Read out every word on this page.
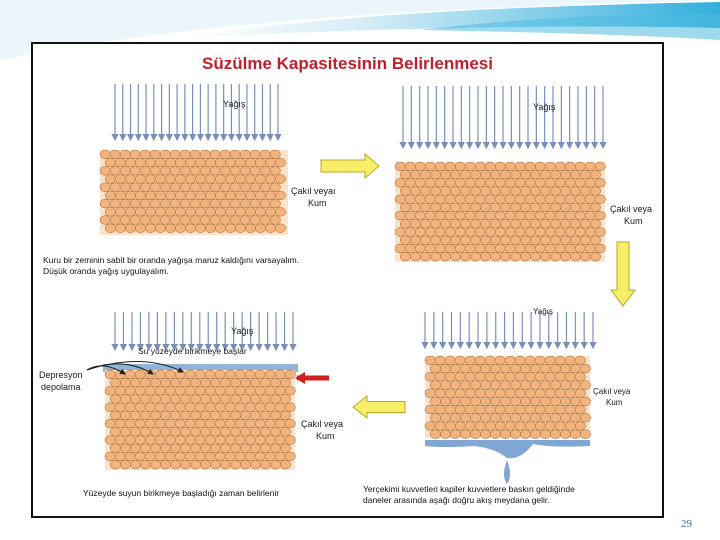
Süzülme Kapasitesinin Belirlenmesi
Yağış
Çakıl veyaı
Kum
Kuru bir zeminin sabit bir oranda yağışa maruz kaldığını varsayalım.
Düşük oranda yağış uygulayalım.
Yağış
Çakıl veya
Kum
Yağış
Su yüzeyde birikmeye başlar
Depresyon
depolama
Çakıl veya
Kum
Yüzeyde suyun birikmeye başladığı zaman belirlenir
Yağış
Çakıl veya
Kum
Yerçekimi kuvvetleri kapiler kuvvetlere baskın geldiğinde
daneler arasında aşağı doğru akış meydana gelir.
29
